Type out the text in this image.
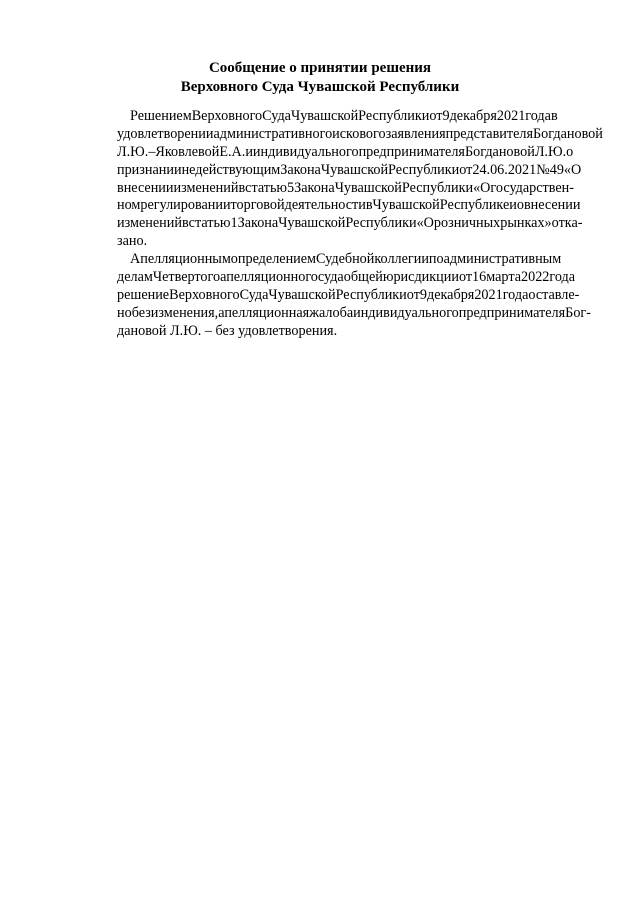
Сообщение о принятии решения
Верховного Суда Чувашской Республики
Решением Верховного Суда Чувашской Республики от 9 декабря 2021 года в
удовлетворении административного искового заявления представителя Богдановой
Л.Ю. – Яковлевой Е.А. и индивидуального предпринимателя Богдановой Л.Ю. о
признании недействующим Закона Чувашской Республики от 24.06.2021 № 49 «О
внесении изменений в статью 5 Закона Чувашской Республики «О государствен-
ном регулировании торговой деятельности в Чувашской Республике и о внесении
изменений в статью 1 Закона Чувашской Республики «О розничных рынках» отка-
зано.
Апелляционным определением Судебной коллегии по административным
делам Четвертого апелляционного суда общей юрисдикции от 16 марта 2022 года
решение Верховного Суда Чувашской Республики от 9 декабря 2021 года оставле-
но без изменения, апелляционная жалоба индивидуального предпринимателя Бог-
дановой Л.Ю. – без удовлетворения.
